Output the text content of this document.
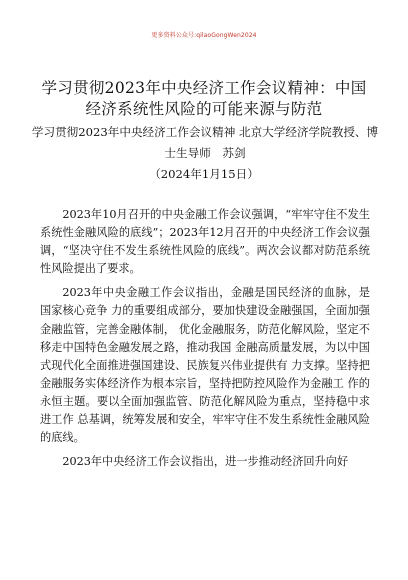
更多资料公众号:qilaoGongWen2024
学习贯彻2023年中央经济工作会议精神：中国经济系统性风险的可能来源与防范
学习贯彻2023年中央经济工作会议精神 北京大学经济学院教授、博士生导师　苏剑
（2024年1月15日）

2023年10月召开的中央金融工作会议强调，“牢牢守住不发生系统性金融风险的底线”；2023年12月召开的中央经济工作会议强调，“坚决守住不发生系统性风险的底线”。两次会议都对防范系统性风险提出了要求。

2023年中央金融工作会议指出，金融是国民经济的血脉，是国家核心竞争 力的重要组成部分，要加快建设金融强国，全面加强金融监管，完善金融体制， 优化金融服务，防范化解风险，坚定不移走中国特色金融发展之路，推动我国 金融高质量发展，为以中国式现代化全面推进强国建设、民族复兴伟业提供有 力支撑。坚持把金融服务实体经济作为根本宗旨，坚持把防控风险作为金融工 作的永恒主题。要以全面加强监管、防范化解风险为重点，坚持稳中求进工作 总基调，统筹发展和安全，牢牢守住不发生系统性金融风险的底线。

2023年中央经济工作会议指出，进一步推动经济回升向好
